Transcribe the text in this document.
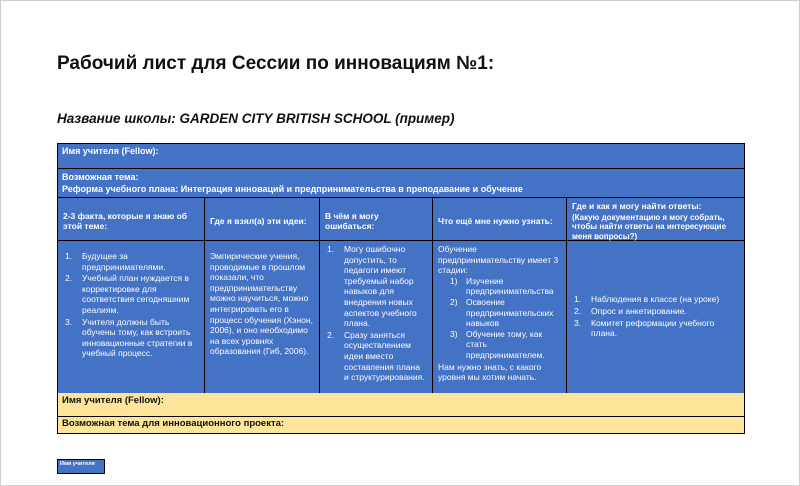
Рабочий лист для Сессии по инновациям №1:
Название школы: GARDEN CITY BRITISH SCHOOL (пример)
Имя учителя (Fellow):
Возможная тема:
Реформа учебного плана: Интеграция инноваций и предпринимательства в преподавание и обучение
2-3 факта, которые я знаю об этой теме:
Где я взял(а) эти идеи:
В чём я могу ошибаться:
Что ещё мне нужно узнать:
Где и как я могу найти ответы:
(Какую документацию я могу собрать, чтобы найти ответы на интересующие меня вопросы?)
Будущее за предпринимателями.
Учебный план нуждается в корректировке для соответствия сегодняшним реалиям.
Учителя должны быть обучены тому, как встроить инновационные стратегии в учебный процесс.
Эмпирические учения, проводимые в прошлом показали, что предпринимательству можно научиться, можно интегрировать его в процесс обучения (Хэнон, 2006), и оно необходимо на всех уровнях образования (Гиб, 2006).
Могу ошибочно допустить, то педагоги имеют требуемый набор навыков для внедрения новых аспектов учебного плана.
Сразу заняться осуществлением идеи вместо составления плана и структурирования.
Обучение предпринимательству имеет 3 стадии:
Изучение предпринимательства
Освоение предпринимательских навыков
Обучение тому, как стать предпринимателем.
Нам нужно знать, с какого уровня мы хотим начать.
Наблюдения в классе (на уроке)
Опрос и анкетирование.
Комитет реформации учебного плана.
Имя учителя (Fellow):
Возможная тема для инновационного проекта:
Имя учителя
